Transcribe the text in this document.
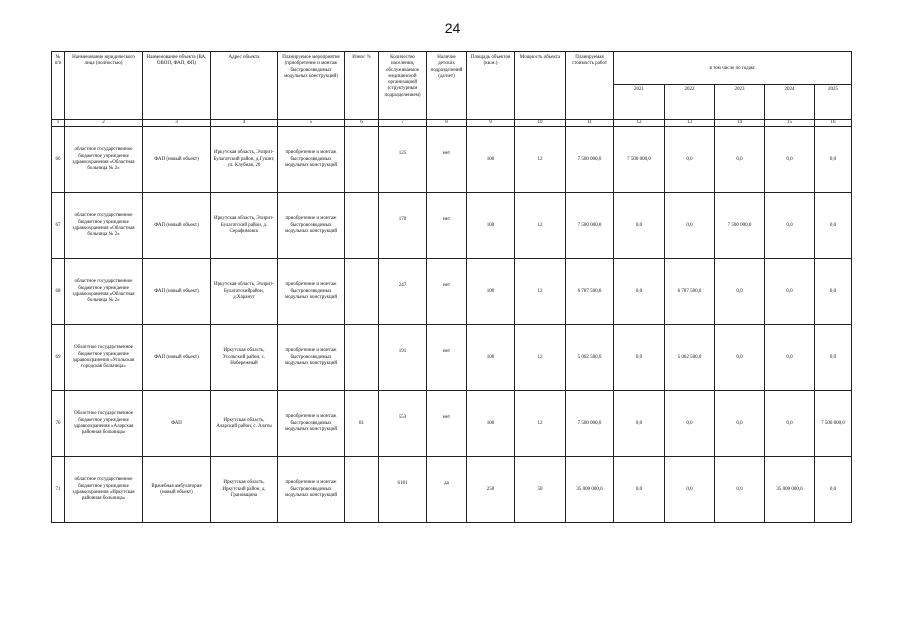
24
№ п/п	Наименование юридического лица (полностью)	Наименование объекта (ВА, ОВОП, ФАП, ФП)	Адрес объекта	Планируемое мероприятие (приобретение и монтаж быстровозводимых модульных конструкций)	Износ %	Количество населения, обслуживаемое медицинской организацией (структурным подразделением)	Наличие детских подразделений (да/нет)	Площадь объектов (кв.м.)	Мощность объекта	Планируемая стоимость работ	в том числе по годам:				
											2021	2022	2023	2024	2025
1	2	3	4	5	6	7	8	9	10	11	12	13	14	15	16
66	областное государственное бюджетное учреждение здравоохранения «Областная больница № 2»	ФАП (новый объект)	Иркутская область, Эхирит-Булагатский район, д.Гушит, ул. Клубная, 20	приобретение и монтаж быстровозводимых модульных конструкций		125	нет	100	12	7 500 000,0	7 500 000,0	0,0	0,0	0,0	0,0
67	областное государственное бюджетное учреждение здравоохранения «Областная больница № 2»	ФАП (новый объект)	Иркутская область, Эхирит-Булагатский район, д. Серафимовск	приобретение и монтаж быстровозводимых модульных конструкций		170	нет	100	12	7 500 000,0	0,0	0,0	7 500 000,0	0,0	0,0
68	областное государственное бюджетное учреждение здравоохранения «Областная больница № 2»	ФАП (новый объект)	Иркутская область, Эхирит-Булагатскийрайон, д.Харанут	приобретение и монтаж быстровозводимых модульных конструкций		247	нет	100	12	6 787 500,0	0,0	6 787 500,0	0,0	0,0	0,0
69	Областное государственное бюджетное учреждение здравоохранения «Усольская городская больница»	ФАП (новый объект)	Иркутская область, Усольский район, с. Набережный	приобретение и монтаж быстровозводимых модульных конструкций		191	нет	100	12	5 062 500,0	0,0	5 062 500,0	0,0	0,0	0,0
70	Областное государственное бюджетное учреждение здравоохранения «Аларская районная больница»	ФАП	Иркутская область, Аларский район, с. Алаты	приобретение и монтаж быстровозводимых модульных конструкций	81	553	нет	100	12	7 500 000,0	0,0	0,0	0,0	0,0	7 500 000,0
71	областное государственное бюджетное учреждение здравоохранения «Иркутская районная больница»	Врачебная амбулатория (новый объект)	Иркутская область, Иркутский район, д. Грановщина	приобретение и монтаж быстровозводимых модульных конструкций		6181	да	250	50	35 000 000,0	0,0	0,0	0,0	35 000 000,0	0,0
